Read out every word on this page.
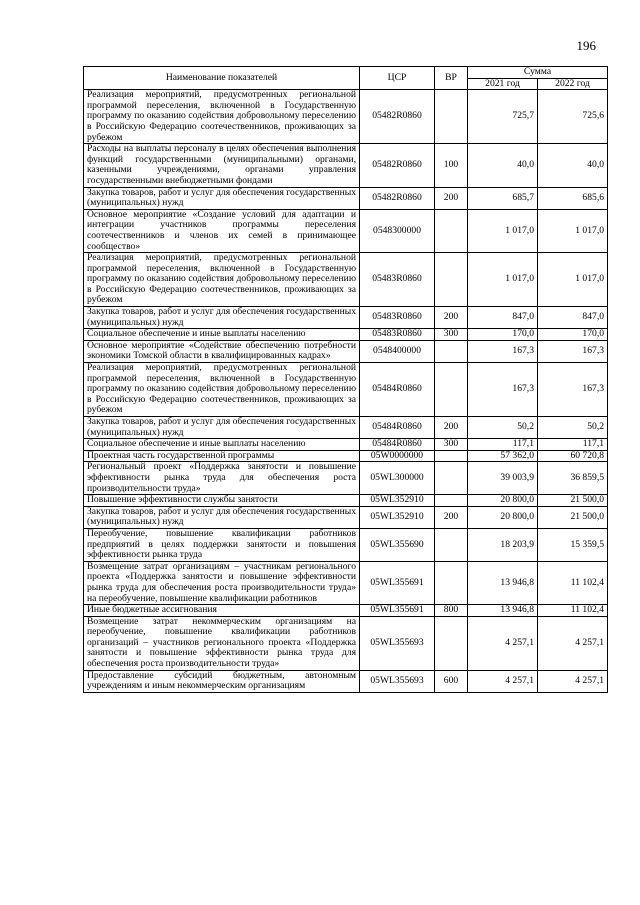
196
Наименование показателей	ЦСР	ВР	Сумма	
			2021 год	2022 год
Реализация мероприятий, предусмотренных региональной программой переселения, включенной в Государственную программу по оказанию содействия добровольному переселению в Российскую Федерацию соотечественников, проживающих за рубежом	05482R0860		725,7	725,6
Расходы на выплаты персоналу в целях обеспечения выполнения функций государственными (муниципальными) органами, казенными учреждениями, органами управления государственными внебюджетными фондами	05482R0860	100	40,0	40,0
Закупка товаров, работ и услуг для обеспечения государственных (муниципальных) нужд	05482R0860	200	685,7	685,6
Основное мероприятие «Создание условий для адаптации и интеграции участников программы переселения соотечественников и членов их семей в принимающее сообщество»	0548300000		1 017,0	1 017,0
Реализация мероприятий, предусмотренных региональной программой переселения, включенной в Государственную программу по оказанию содействия добровольному переселению в Российскую Федерацию соотечественников, проживающих за рубежом	05483R0860		1 017,0	1 017,0
Закупка товаров, работ и услуг для обеспечения государственных (муниципальных) нужд	05483R0860	200	847,0	847,0
Социальное обеспечение и иные выплаты населению	05483R0860	300	170,0	170,0
Основное мероприятие «Содействие обеспечению потребности экономики Томской области в квалифицированных кадрах»	0548400000		167,3	167,3
Реализация мероприятий, предусмотренных региональной программой переселения, включенной в Государственную программу по оказанию содействия добровольному переселению в Российскую Федерацию соотечественников, проживающих за рубежом	05484R0860		167,3	167,3
Закупка товаров, работ и услуг для обеспечения государственных (муниципальных) нужд	05484R0860	200	50,2	50,2
Социальное обеспечение и иные выплаты населению	05484R0860	300	117,1	117,1
Проектная часть государственной программы	05W0000000		57 362,0	60 720,8
Региональный проект «Поддержка занятости и повышение эффективности рынка труда для обеспечения роста производительности труда»	05WL300000		39 003,9	36 859,5
Повышение эффективности службы занятости	05WL352910		20 800,0	21 500,0
Закупка товаров, работ и услуг для обеспечения государственных (муниципальных) нужд	05WL352910	200	20 800,0	21 500,0
Переобучение, повышение квалификации работников предприятий в целях поддержки занятости и повышения эффективности рынка труда	05WL355690		18 203,9	15 359,5
Возмещение затрат организациям – участникам регионального проекта «Поддержка занятости и повышение эффективности рынка труда для обеспечения роста производительности труда» на переобучение, повышение квалификации работников	05WL355691		13 946,8	11 102,4
Иные бюджетные ассигнования	05WL355691	800	13 946,8	11 102,4
Возмещение затрат некоммерческим организациям на переобучение, повышение квалификации работников организаций – участников регионального проекта «Поддержка занятости и повышение эффективности рынка труда для обеспечения роста производительности труда»	05WL355693		4 257,1	4 257,1
Предоставление субсидий бюджетным, автономным учреждениям и иным некоммерческим организациям	05WL355693	600	4 257,1	4 257,1
